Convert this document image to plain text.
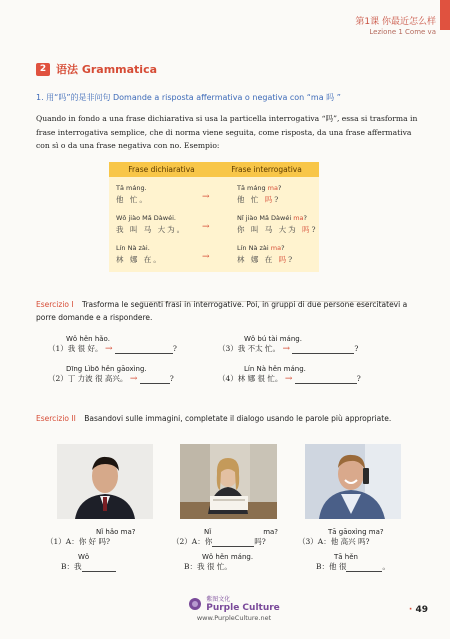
第1课 你最近怎么样
Lezione 1 Come va
2 语法 Grammatica
1. 用“吗”的是非问句 Domande a risposta affermativa o negativa con “ma 吗 ”
Quando in fondo a una frase dichiarativa si usa la particella interrogativa “吗”, essa si trasforma in frase interrogativa semplice, che di norma viene seguita, come risposta, da una frase affermativa con sì o da una frase negativa con no. Esempio:
Frase dichiarativa	Frase interrogativa
Tā máng.
他 忙。	→
Tā máng ma?
他 忙 吗?
Wǒ jiào Mǎ Dàwéi.
我 叫 马 大为。 →
Nǐ jiào Mǎ Dàwéi ma?
你 叫 马 大为 吗?
Lín Nà zài.
林 娜 在。	→
Lín Nà zài ma?
林 娜 在 吗?
Esercizio I Trasforma le seguenti frasi in interrogative. Poi, in gruppi di due persone esercitatevi a porre domande e a rispondere.
Wǒ hěn hǎo.
（1）我 很 好。 →	?
Wǒ bú tài máng.
（3）我 不太 忙。 →	?
Dīng Lìbō hěn gāoxìng.
（2）丁 力波 很 高兴。 →	?
Lín Nà hěn máng.
（4）林 娜 很 忙。 →	?
Esercizio II Basandovi sulle immagini, completate il dialogo usando le parole più appropriate.
Nǐ hǎo ma?
（1）A：你 好 吗?
Wǒ
B：我
Nǐ	ma?
（2）A：你	吗?
Wǒ hěn máng.
B：我 很 忙。
Tā gāoxìng ma?
（3）A：他 高兴 吗?
Tā hěn
B：他 很	。
紫图文化
Purple Culture
www.PurpleCulture.net
· 49
